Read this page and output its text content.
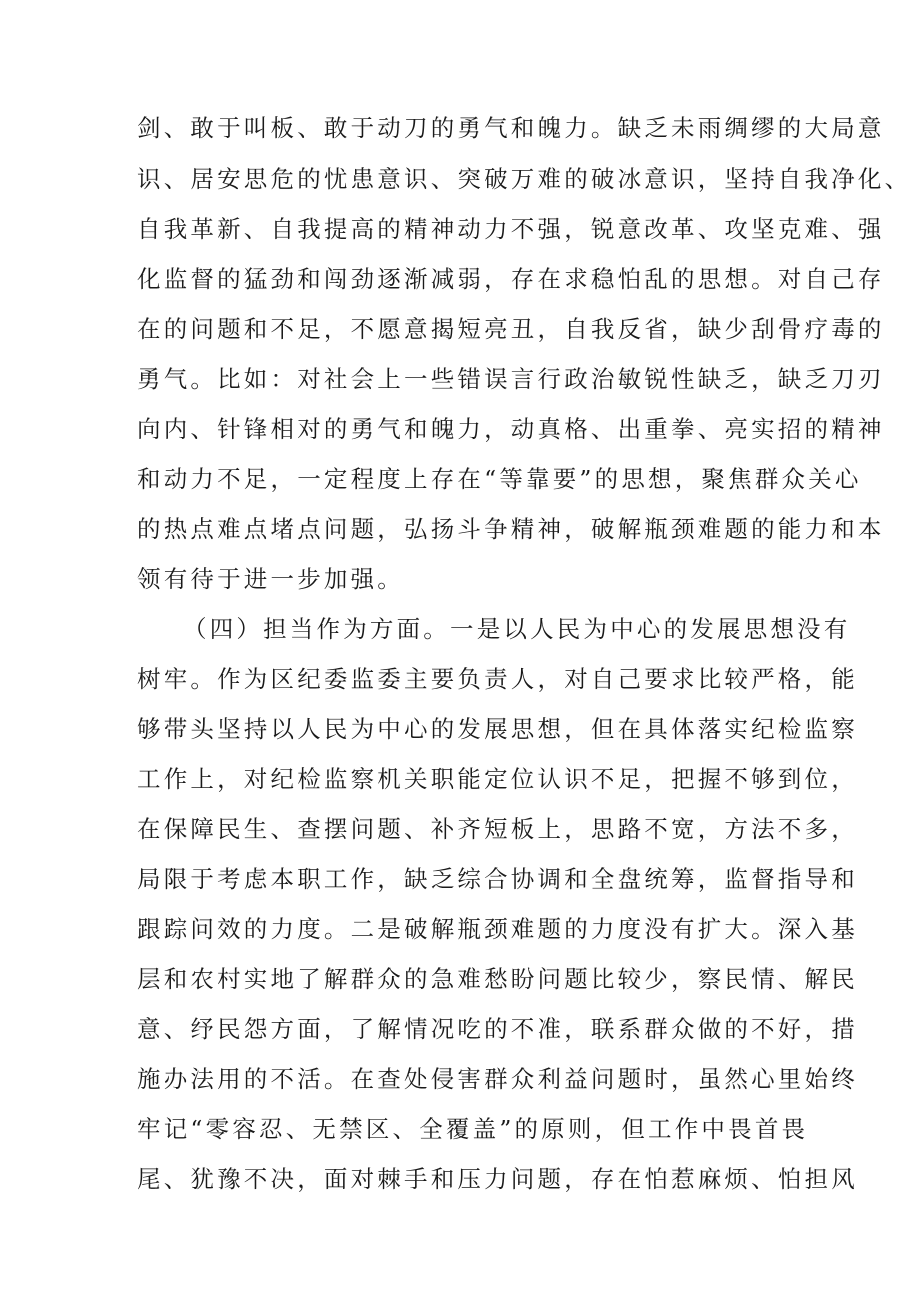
剑、敢于叫板、敢于动刀的勇气和魄力。缺乏未雨绸缪的大局意
识、居安思危的忧患意识、突破万难的破冰意识，坚持自我净化、
自我革新、自我提高的精神动力不强，锐意改革、攻坚克难、强
化监督的猛劲和闯劲逐渐减弱，存在求稳怕乱的思想。对自己存
在的问题和不足，不愿意揭短亮丑，自我反省，缺少刮骨疗毒的
勇气。比如：对社会上一些错误言行政治敏锐性缺乏，缺乏刀刃
向内、针锋相对的勇气和魄力，动真格、出重拳、亮实招的精神
和动力不足，一定程度上存在“等靠要”的思想，聚焦群众关心
的热点难点堵点问题，弘扬斗争精神，破解瓶颈难题的能力和本
领有待于进一步加强。
（四）担当作为方面。一是以人民为中心的发展思想没有
树牢。作为区纪委监委主要负责人，对自己要求比较严格，能
够带头坚持以人民为中心的发展思想，但在具体落实纪检监察
工作上，对纪检监察机关职能定位认识不足，把握不够到位，
在保障民生、查摆问题、补齐短板上，思路不宽，方法不多，
局限于考虑本职工作，缺乏综合协调和全盘统筹，监督指导和
跟踪问效的力度。二是破解瓶颈难题的力度没有扩大。深入基
层和农村实地了解群众的急难愁盼问题比较少，察民情、解民
意、纾民怨方面，了解情况吃的不准，联系群众做的不好，措
施办法用的不活。在查处侵害群众利益问题时，虽然心里始终
牢记“零容忍、无禁区、全覆盖”的原则，但工作中畏首畏
尾、犹豫不决，面对棘手和压力问题，存在怕惹麻烦、怕担风
